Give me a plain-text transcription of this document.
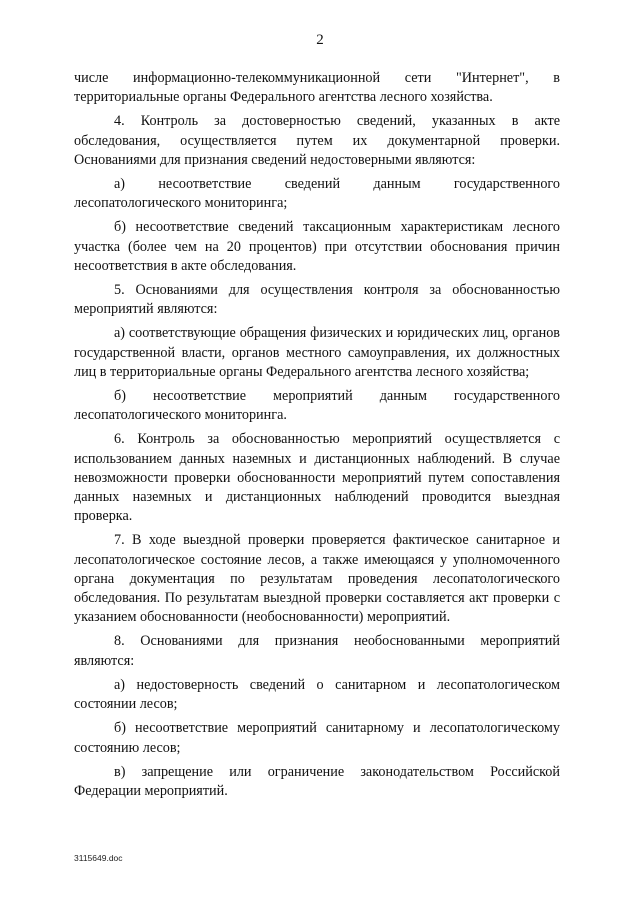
2

числе информационно-телекоммуникационной сети "Интернет", в территориальные органы Федерального агентства лесного хозяйства.

4. Контроль за достоверностью сведений, указанных в акте обследования, осуществляется путем их документарной проверки. Основаниями для признания сведений недостоверными являются:

а) несоответствие сведений данным государственного лесопатологического мониторинга;

б) несоответствие сведений таксационным характеристикам лесного участка (более чем на 20 процентов) при отсутствии обоснования причин несоответствия в акте обследования.

5. Основаниями для осуществления контроля за обоснованностью мероприятий являются:

а) соответствующие обращения физических и юридических лиц, органов государственной власти, органов местного самоуправления, их должностных лиц в территориальные органы Федерального агентства лесного хозяйства;

б) несоответствие мероприятий данным государственного лесопатологического мониторинга.

6. Контроль за обоснованностью мероприятий осуществляется с использованием данных наземных и дистанционных наблюдений. В случае невозможности проверки обоснованности мероприятий путем сопоставления данных наземных и дистанционных наблюдений проводится выездная проверка.

7. В ходе выездной проверки проверяется фактическое санитарное и лесопатологическое состояние лесов, а также имеющаяся у уполномоченного органа документация по результатам проведения лесопатологического обследования. По результатам выездной проверки составляется акт проверки с указанием обоснованности (необоснованности) мероприятий.

8. Основаниями для признания необоснованными мероприятий являются:

а) недостоверность сведений о санитарном и лесопатологическом состоянии лесов;

б) несоответствие мероприятий санитарному и лесопатологическому состоянию лесов;

в) запрещение или ограничение законодательством Российской Федерации мероприятий.

3115649.doc
